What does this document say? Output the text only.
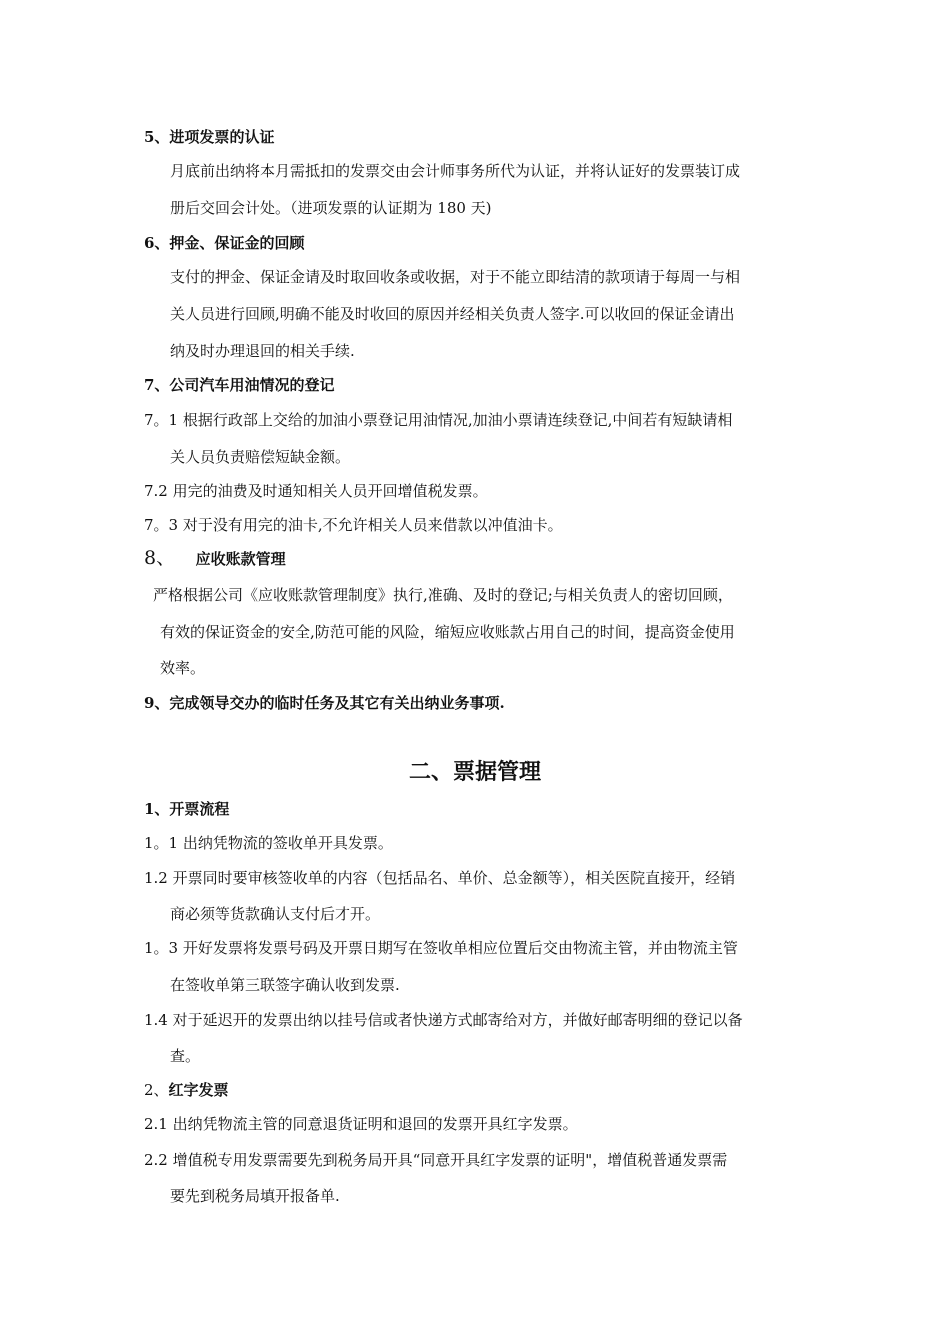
5、进项发票的认证
月底前出纳将本月需抵扣的发票交由会计师事务所代为认证，并将认证好的发票装订成
册后交回会计处。（进项发票的认证期为 180 天)
6、押金、保证金的回顾
支付的押金、保证金请及时取回收条或收据，对于不能立即结清的款项请于每周一与相
关人员进行回顾,明确不能及时收回的原因并经相关负责人签字.可以收回的保证金请出
纳及时办理退回的相关手续.
7、公司汽车用油情况的登记
7。1 根据行政部上交给的加油小票登记用油情况,加油小票请连续登记,中间若有短缺请相
关人员负责赔偿短缺金额。
7.2 用完的油费及时通知相关人员开回增值税发票。
7。3 对于没有用完的油卡,不允许相关人员来借款以冲值油卡。
8、 应收账款管理
严格根据公司《应收账款管理制度》执行,准确、及时的登记;与相关负责人的密切回顾，
有效的保证资金的安全,防范可能的风险，缩短应收账款占用自己的时间，提高资金使用
效率。
9、完成领导交办的临时任务及其它有关出纳业务事项.
二、票据管理
1、开票流程
1。1 出纳凭物流的签收单开具发票。
1.2 开票同时要审核签收单的内容（包括品名、单价、总金额等），相关医院直接开，经销
商必须等货款确认支付后才开。
1。3 开好发票将发票号码及开票日期写在签收单相应位置后交由物流主管，并由物流主管
在签收单第三联签字确认收到发票.
1.4 对于延迟开的发票出纳以挂号信或者快递方式邮寄给对方，并做好邮寄明细的登记以备
查。
2、红字发票
2.1 出纳凭物流主管的同意退货证明和退回的发票开具红字发票。
2.2 增值税专用发票需要先到税务局开具“同意开具红字发票的证明"，增值税普通发票需
要先到税务局填开报备单.
